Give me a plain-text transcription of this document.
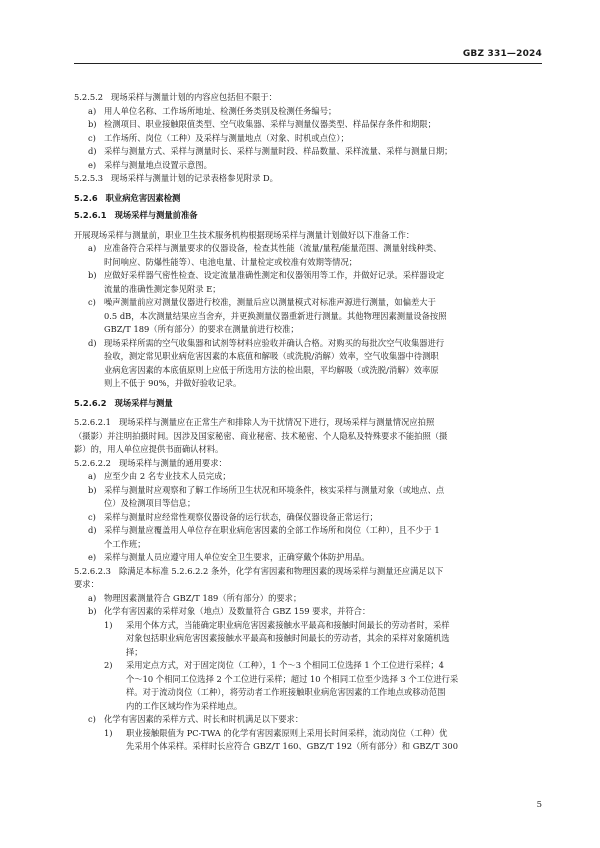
GBZ 331—2024
5.2.5.2 现场采样与测量计划的内容应包括但不限于：
a) 用人单位名称、工作场所地址、检测任务类别及检测任务编号；
b) 检测项目、职业接触限值类型、空气收集器、采样与测量仪器类型、样品保存条件和期限；
c) 工作场所、岗位（工种）及采样与测量地点（对象、时机或点位）；
d) 采样与测量方式、采样与测量时长、采样与测量时段、样品数量、采样流量、采样与测量日期；
e) 采样与测量地点设置示意图。
5.2.5.3 现场采样与测量计划的记录表格参见附录 D。
5.2.6 职业病危害因素检测
5.2.6.1 现场采样与测量前准备
开展现场采样与测量前，职业卫生技术服务机构根据现场采样与测量计划做好以下准备工作：
a) 应准备符合采样与测量要求的仪器设备，检查其性能（流量/量程/能量范围、测量射线种类、
时间响应、防爆性能等）、电池电量、计量检定或校准有效期等情况；
b) 应做好采样器气密性检查、设定流量准确性测定和仪器领用等工作，并做好记录。采样器设定
流量的准确性测定参见附录 E；
c) 噪声测量前应对测量仪器进行校准，测量后应以测量模式对标准声源进行测量，如偏差大于
0.5 dB，本次测量结果应当舍弃，并更换测量仪器重新进行测量。其他物理因素测量设备按照
GBZ/T 189（所有部分）的要求在测量前进行校准；
d) 现场采样所需的空气收集器和试剂等材料应验收并确认合格。对购买的每批次空气收集器进行
验收，测定常见职业病危害因素的本底值和解吸（或洗脱/消解）效率，空气收集器中待测职
业病危害因素的本底值原则上应低于所选用方法的检出限，平均解吸（或洗脱/消解）效率原
则上不低于 90%，并做好验收记录。
5.2.6.2 现场采样与测量
5.2.6.2.1 现场采样与测量应在正常生产和排除人为干扰情况下进行，现场采样与测量情况应拍照
（摄影）并注明拍摄时间。因涉及国家秘密、商业秘密、技术秘密、个人隐私及特殊要求不能拍照（摄
影）的，用人单位应提供书面确认材料。
5.2.6.2.2 现场采样与测量的通用要求：
a) 应至少由 2 名专业技术人员完成；
b) 采样与测量时应观察和了解工作场所卫生状况和环境条件，核实采样与测量对象（或地点、点
位）及检测项目等信息；
c) 采样与测量时应经常性观察仪器设备的运行状态，确保仪器设备正常运行；
d) 采样与测量应覆盖用人单位存在职业病危害因素的全部工作场所和岗位（工种），且不少于 1
个工作班；
e) 采样与测量人员应遵守用人单位安全卫生要求，正确穿戴个体防护用品。
5.2.6.2.3 除满足本标准 5.2.6.2.2 条外，化学有害因素和物理因素的现场采样与测量还应满足以下
要求：
a) 物理因素测量符合 GBZ/T 189（所有部分）的要求；
b) 化学有害因素的采样对象（地点）及数量符合 GBZ 159 要求，并符合：
1)	采用个体方式，当能确定职业病危害因素接触水平最高和接触时间最长的劳动者时，采样
对象包括职业病危害因素接触水平最高和接触时间最长的劳动者，其余的采样对象随机选
择；
2)	采用定点方式，对于固定岗位（工种），1 个～3 个相同工位选择 1 个工位进行采样；4
个～10 个相同工位选择 2 个工位进行采样；超过 10 个相同工位至少选择 3 个工位进行采
样。对于流动岗位（工种），将劳动者工作班接触职业病危害因素的工作地点或移动范围
内的工作区域均作为采样地点。
c) 化学有害因素的采样方式、时长和时机满足以下要求：
1)	职业接触限值为 PC-TWA 的化学有害因素原则上采用长时间采样，流动岗位（工种）优
先采用个体采样。采样时长应符合 GBZ/T 160、GBZ/T 192（所有部分）和 GBZ/T 300
5
